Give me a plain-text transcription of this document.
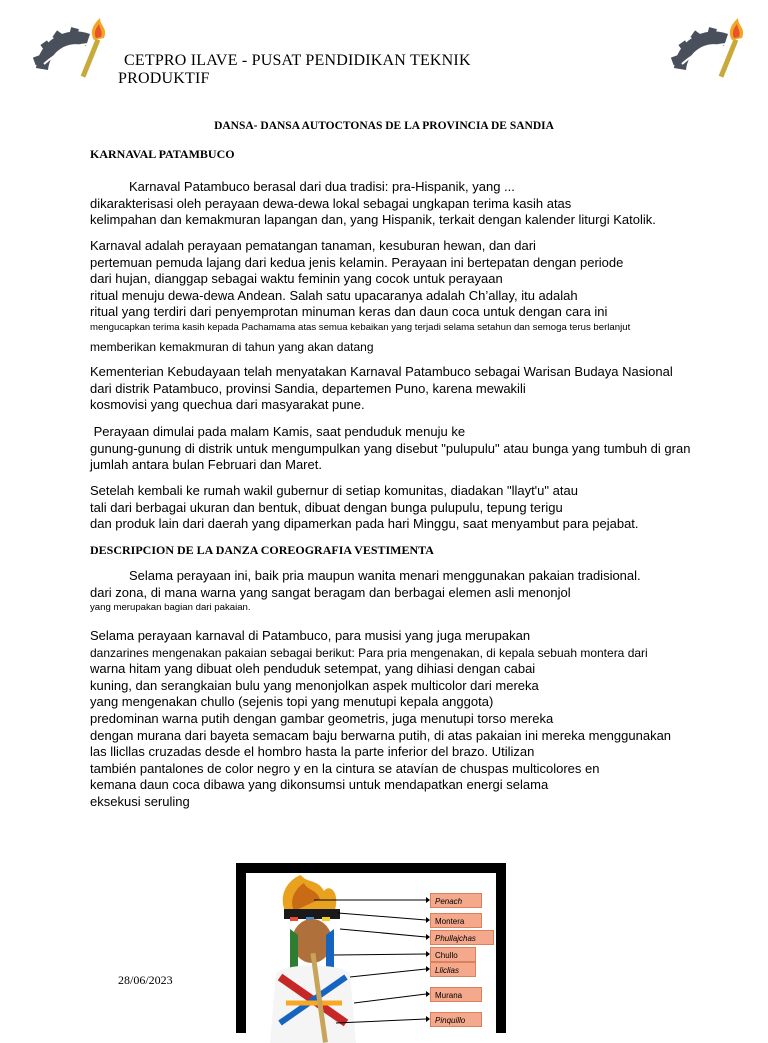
CETPRO ILAVE - PUSAT PENDIDIKAN TEKNIK
PRODUKTIF
DANSA- DANSA AUTOCTONAS DE LA PROVINCIA DE SANDIA
KARNAVAL PATAMBUCO
Karnaval Patambuco berasal dari dua tradisi: pra-Hispanik, yang ...
dikarakterisasi oleh perayaan dewa-dewa lokal sebagai ungkapan terima kasih atas
kelimpahan dan kemakmuran lapangan dan, yang Hispanik, terkait dengan kalender liturgi Katolik.
Karnaval adalah perayaan pematangan tanaman, kesuburan hewan, dan dari
pertemuan pemuda lajang dari kedua jenis kelamin. Perayaan ini bertepatan dengan periode
dari hujan, dianggap sebagai waktu feminin yang cocok untuk perayaan
ritual menuju dewa-dewa Andean. Salah satu upacaranya adalah Ch’allay, itu adalah
ritual yang terdiri dari penyemprotan minuman keras dan daun coca untuk dengan cara ini
mengucapkan terima kasih kepada Pachamama atas semua kebaikan yang terjadi selama setahun dan semoga terus berlanjut
memberikan kemakmuran di tahun yang akan datang
Kementerian Kebudayaan telah menyatakan Karnaval Patambuco sebagai Warisan Budaya Nasional
dari distrik Patambuco, provinsi Sandia, departemen Puno, karena mewakili
kosmovisi yang quechua dari masyarakat pune.
Perayaan dimulai pada malam Kamis, saat penduduk menuju ke
gunung-gunung di distrik untuk mengumpulkan yang disebut "pulupulu" atau bunga yang tumbuh di gran
jumlah antara bulan Februari dan Maret.
Setelah kembali ke rumah wakil gubernur di setiap komunitas, diadakan "llayt'u" atau
tali dari berbagai ukuran dan bentuk, dibuat dengan bunga pulupulu, tepung terigu
dan produk lain dari daerah yang dipamerkan pada hari Minggu, saat menyambut para pejabat.
DESCRIPCION DE LA DANZA COREOGRAFIA VESTIMENTA
Selama perayaan ini, baik pria maupun wanita menari menggunakan pakaian tradisional.
dari zona, di mana warna yang sangat beragam dan berbagai elemen asli menonjol
yang merupakan bagian dari pakaian.
Selama perayaan karnaval di Patambuco, para musisi yang juga merupakan
danzarines mengenakan pakaian sebagai berikut: Para pria mengenakan, di kepala sebuah montera dari
warna hitam yang dibuat oleh penduduk setempat, yang dihiasi dengan cabai
kuning, dan serangkaian bulu yang menonjolkan aspek multicolor dari mereka
yang mengenakan chullo (sejenis topi yang menutupi kepala anggota)
predominan warna putih dengan gambar geometris, juga menutupi torso mereka
dengan murana dari bayeta semacam baju berwarna putih, di atas pakaian ini mereka menggunakan
las llicllas cruzadas desde el hombro hasta la parte inferior del brazo. Utilizan
también pantalones de color negro y en la cintura se atavían de chuspas multicolores en
kemana daun coca dibawa yang dikonsumsi untuk mendapatkan energi selama
eksekusi seruling
28/06/2023
Penach
Montera
Phullajchas
Chullo
Lliclias
Murana
Pinquillo
